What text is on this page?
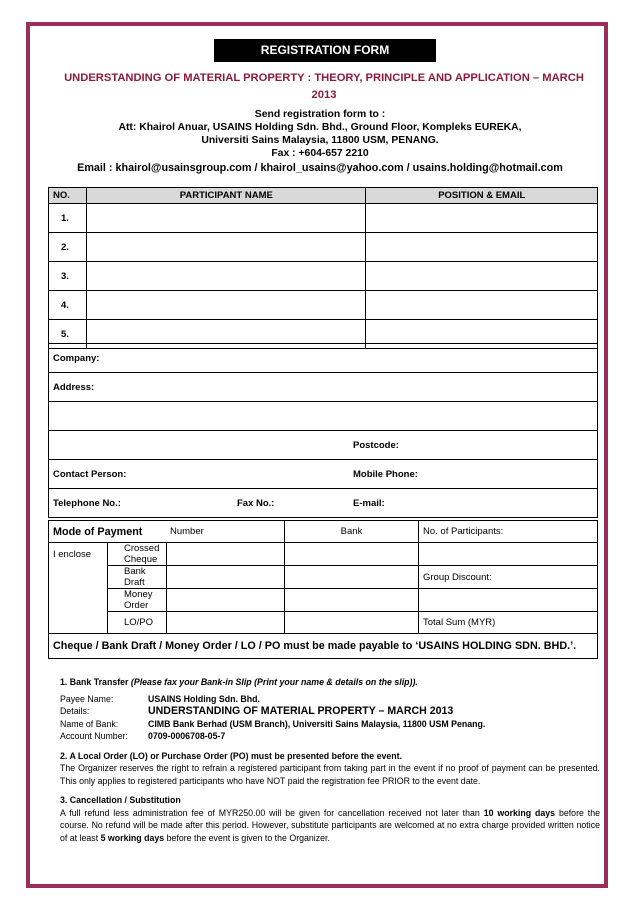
REGISTRATION FORM
UNDERSTANDING OF MATERIAL PROPERTY : THEORY, PRINCIPLE AND APPLICATION – MARCH 2013
Send registration form to :
Att: Khairol Anuar, USAINS Holding Sdn. Bhd., Ground Floor, Kompleks EUREKA,
Universiti Sains Malaysia, 11800 USM, PENANG.
Fax : +604-657 2210
Email : khairol@usainsgroup.com / khairol_usains@yahoo.com / usains.holding@hotmail.com
NO.	PARTICIPANT NAME	POSITION & EMAIL
1.		
2.		
3.		
4.		
5.		
Company:		
Address:		

		Postcode:
Contact Person:		Mobile Phone:
Telephone No.:	Fax No.:	E-mail:
Mode of Payment		Number	Bank	No. of Participants:
I enclose	Crossed Cheque			
	Bank Draft			Group Discount:
	Money Order			
	LO/PO			Total Sum (MYR)
Cheque / Bank Draft / Money Order / LO / PO must be made payable to ‘USAINS HOLDING SDN. BHD.’.				
1. Bank Transfer (Please fax your Bank-in Slip (Print your name & details on the slip)).
Payee Name:	USAINS Holding Sdn. Bhd.
Details:	UNDERSTANDING OF MATERIAL PROPERTY – MARCH 2013
Name of Bank:	CIMB Bank Berhad (USM Branch), Universiti Sains Malaysia, 11800 USM Penang.
Account Number:	0709-0006708-05-7
2. A Local Order (LO) or Purchase Order (PO) must be presented before the event.
The Organizer reserves the right to refrain a registered participant from taking part in the event if no proof of payment can be presented. This only applies to registered participants who have NOT paid the registration fee PRIOR to the event date.
3. Cancellation / Substitution
A full refund less administration fee of MYR250.00 will be given for cancellation received not later than 10 working days before the course. No refund will be made after this period. However, substitute participants are welcomed at no extra charge provided written notice of at least 5 working days before the event is given to the Organizer.
